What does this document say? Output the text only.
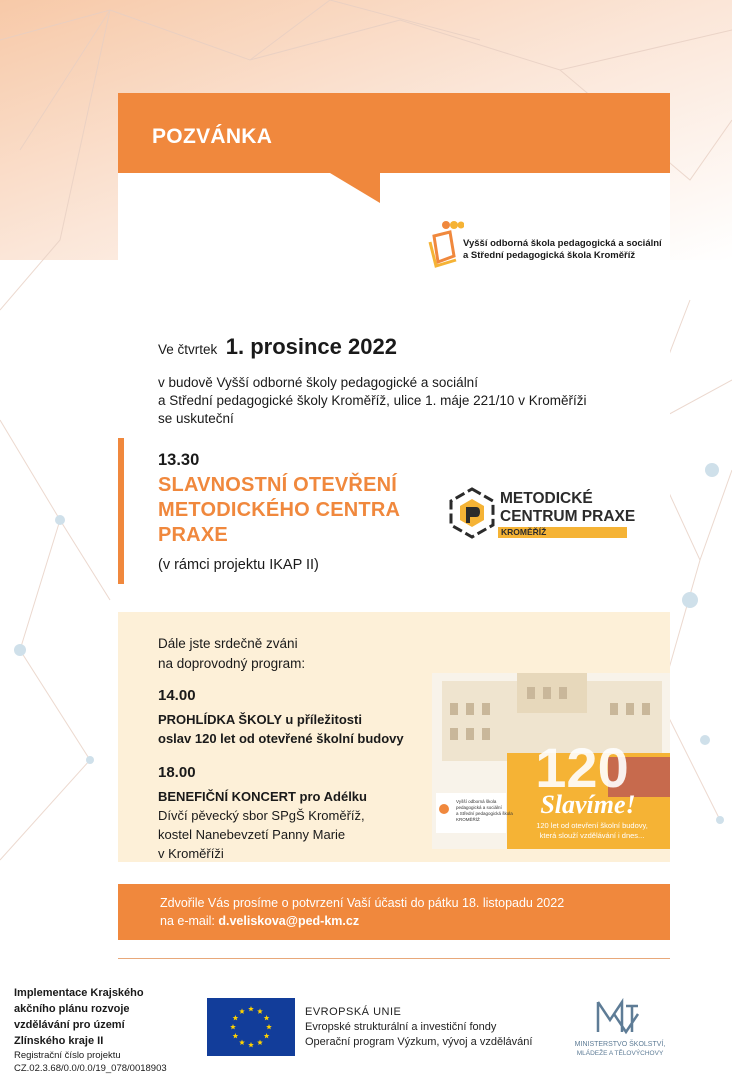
POZVÁNKA
Vyšší odborná škola pedagogická a sociální
a Střední pedagogická škola Kroměříž
Ve čtvrtek 1. prosince 2022
v budově Vyšší odborné školy pedagogické a sociální
a Střední pedagogické školy Kroměříž, ulice 1. máje 221/10 v Kroměříži
se uskuteční
13.30
SLAVNOSTNÍ OTEVŘENÍ
METODICKÉHO CENTRA
PRAXE
(v rámci projektu IKAP II)
METODICKÉ
CENTRUM PRAXE
KROMĚŘÍŽ
Dále jste srdečně zváni
na doprovodný program:
14.00
PROHLÍDKA ŠKOLY u příležitosti
oslav 120 let od otevřené školní budovy
18.00
BENEFIČNÍ KONCERT pro Adélku
Dívčí pěvecký sbor SPgŠ Kroměříž,
kostel Nanebevzetí Panny Marie
v Kroměříži
120
Slavíme!
120 let od otevření školní budovy,
která slouží vzdělávání i dnes...
Vyšší odborná škola
pedagogická a sociální
a Střední pedagogická škola
KROMĚŘÍŽ
Zdvořile Vás prosíme o potvrzení Vaší účasti do pátku 18. listopadu 2022
na e-mail: d.veliskova@ped-km.cz
Implementace Krajského
akčního plánu rozvoje
vzdělávání pro území
Zlínského kraje II
Registrační číslo projektu
CZ.02.3.68/0.0/0.0/19_078/0018903
EVROPSKÁ UNIE
Evropské strukturální a investiční fondy
Operační program Výzkum, vývoj a vzdělávání	MINISTERSTVO ŠKOLSTVÍ,
MLÁDEŽE A TĚLOVÝCHOVY
